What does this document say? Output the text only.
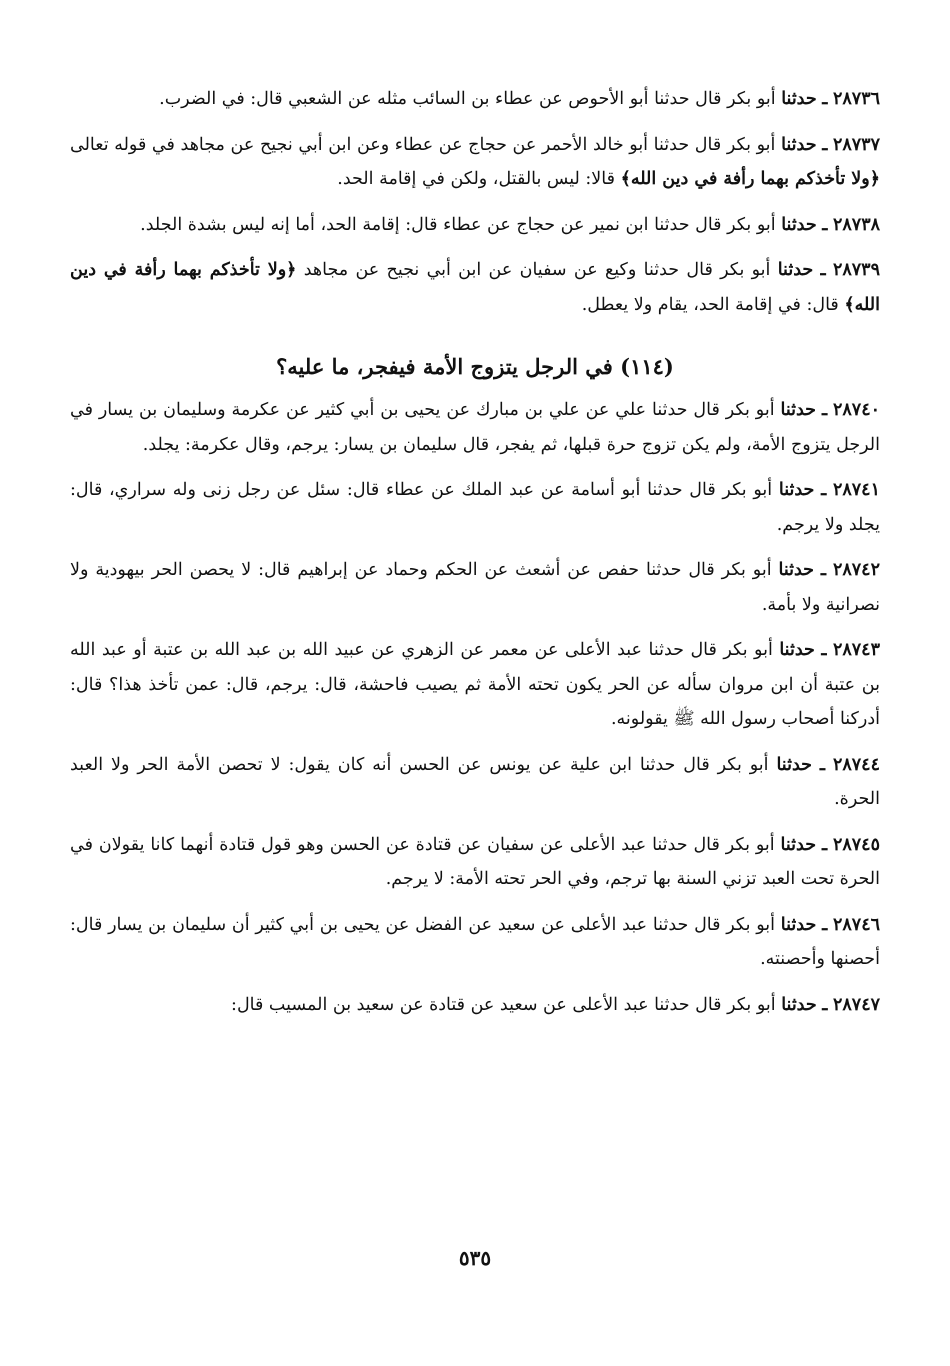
٢٨٧٣٦ ـ حدثنا أبو بكر قال حدثنا أبو الأحوص عن عطاء بن السائب مثله عن الشعبي قال: في الضرب.

٢٨٧٣٧ ـ حدثنا أبو بكر قال حدثنا أبو خالد الأحمر عن حجاج عن عطاء وعن ابن أبي نجيح عن مجاهد في قوله تعالى ﴿ولا تأخذكم بهما رأفة في دين الله﴾ قالا: ليس بالقتل، ولكن في إقامة الحد.

٢٨٧٣٨ ـ حدثنا أبو بكر قال حدثنا ابن نمير عن حجاج عن عطاء قال: إقامة الحد، أما إنه ليس بشدة الجلد.

٢٨٧٣٩ ـ حدثنا أبو بكر قال حدثنا وكيع عن سفيان عن ابن أبي نجيح عن مجاهد ﴿ولا تأخذكم بهما رأفة في دين الله﴾ قال: في إقامة الحد، يقام ولا يعطل.

(١١٤) في الرجل يتزوج الأمة فيفجر، ما عليه؟

٢٨٧٤٠ ـ حدثنا أبو بكر قال حدثنا علي عن علي بن مبارك عن يحيى بن أبي كثير عن عكرمة وسليمان بن يسار في الرجل يتزوج الأمة، ولم يكن تزوج حرة قبلها، ثم يفجر، قال سليمان بن يسار: يرجم، وقال عكرمة: يجلد.

٢٨٧٤١ ـ حدثنا أبو بكر قال حدثنا أبو أسامة عن عبد الملك عن عطاء قال: سئل عن رجل زنى وله سراري، قال: يجلد ولا يرجم.

٢٨٧٤٢ ـ حدثنا أبو بكر قال حدثنا حفص عن أشعث عن الحكم وحماد عن إبراهيم قال: لا يحصن الحر بيهودية ولا نصرانية ولا بأمة.

٢٨٧٤٣ ـ حدثنا أبو بكر قال حدثنا عبد الأعلى عن معمر عن الزهري عن عبيد الله بن عبد الله بن عتبة أو عبد الله بن عتبة أن ابن مروان سأله عن الحر يكون تحته الأمة ثم يصيب فاحشة، قال: يرجم، قال: عمن تأخذ هذا؟ قال: أدركنا أصحاب رسول الله ﷺ يقولونه.

٢٨٧٤٤ ـ حدثنا أبو بكر قال حدثنا ابن علية عن يونس عن الحسن أنه كان يقول: لا تحصن الأمة الحر ولا العبد الحرة.

٢٨٧٤٥ ـ حدثنا أبو بكر قال حدثنا عبد الأعلى عن سفيان عن قتادة عن الحسن وهو قول قتادة أنهما كانا يقولان في الحرة تحت العبد تزني السنة بها ترجم، وفي الحر تحته الأمة: لا يرجم.

٢٨٧٤٦ ـ حدثنا أبو بكر قال حدثنا عبد الأعلى عن سعيد عن الفضل عن يحيى بن أبي كثير أن سليمان بن يسار قال: أحصنها وأحصنته.

٢٨٧٤٧ ـ حدثنا أبو بكر قال حدثنا عبد الأعلى عن سعيد عن قتادة عن سعيد بن المسيب قال:

٥٣٥
